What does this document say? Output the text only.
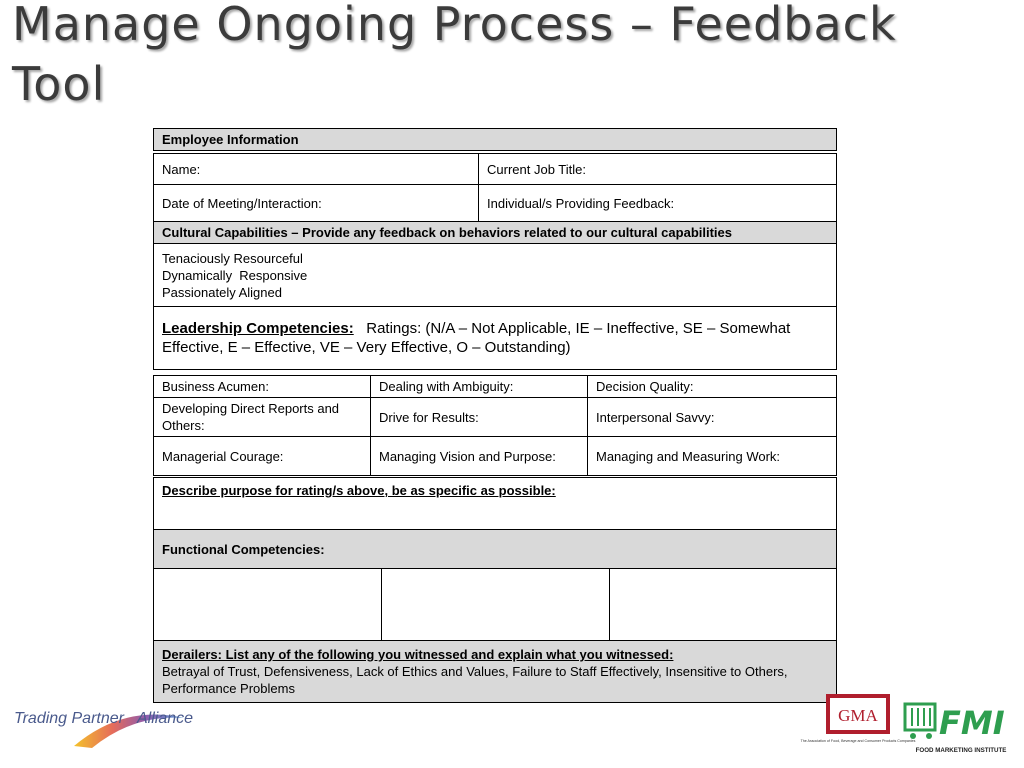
Manage Ongoing Process – Feedback
Tool
Employee Information
Name:	Current Job Title:
Date of Meeting/Interaction:	Individual/s Providing Feedback:
Cultural Capabilities – Provide any feedback on behaviors related to our cultural capabilities	

Tenaciously Resourceful
Dynamically  Responsive
Passionately Aligned	

Leadership Competencies: Ratings: (N/A – Not Applicable, IE – Ineffective, SE – Somewhat Effective, E – Effective, VE – Very Effective, O – Outstanding)	
Business Acumen:	Dealing with Ambiguity:	Decision Quality:
Developing Direct Reports and Others:	Drive for Results:	Interpersonal Savvy:
Managerial Courage:	Managing Vision and Purpose:	Managing and Measuring Work:
Describe purpose for rating/s above, be as specific as possible:
Functional Competencies:

Derailers: List any of the following you witnessed and explain what you witnessed:
Betrayal of Trust, Defensiveness, Lack of Ethics and Values, Failure to Staff Effectively, Insensitive to Others, Performance Problems
Trading Partner Alliance
FMI and GMA
GMA
The Association of Food, Beverage and Consumer Products Companies FMI
FOOD MARKETING INSTITUTE
